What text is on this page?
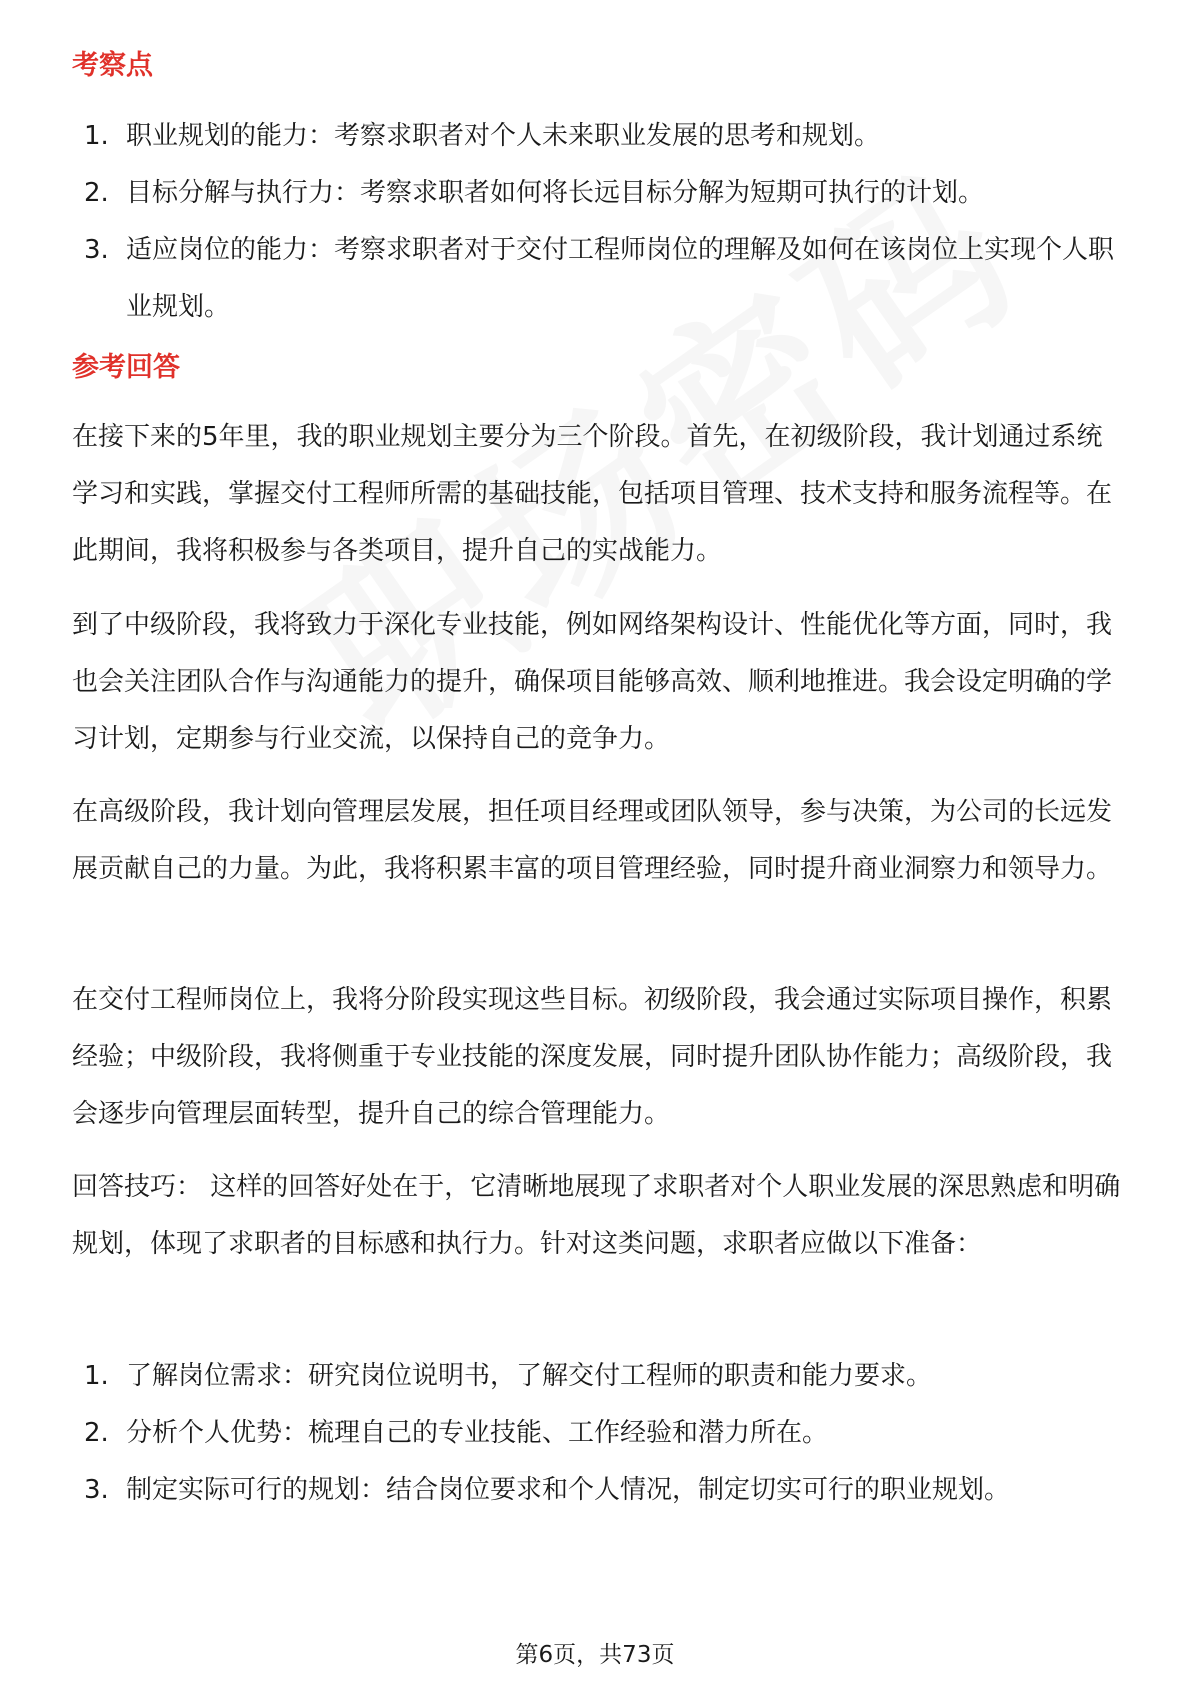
考察点
1. 职业规划的能力：考察求职者对个人未来职业发展的思考和规划。
2. 目标分解与执行力：考察求职者如何将长远目标分解为短期可执行的计划。
3. 适应岗位的能力：考察求职者对于交付工程师岗位的理解及如何在该岗位上实现个人职业规划。
参考回答

在接下来的5年里，我的职业规划主要分为三个阶段。首先，在初级阶段，我计划通过系统学习和实践，掌握交付工程师所需的基础技能，包括项目管理、技术支持和服务流程等。在此期间，我将积极参与各类项目，提升自己的实战能力。

到了中级阶段，我将致力于深化专业技能，例如网络架构设计、性能优化等方面，同时，我也会关注团队合作与沟通能力的提升，确保项目能够高效、顺利地推进。我会设定明确的学习计划，定期参与行业交流，以保持自己的竞争力。

在高级阶段，我计划向管理层发展，担任项目经理或团队领导，参与决策，为公司的长远发展贡献自己的力量。为此，我将积累丰富的项目管理经验，同时提升商业洞察力和领导力。

在交付工程师岗位上，我将分阶段实现这些目标。初级阶段，我会通过实际项目操作，积累经验；中级阶段，我将侧重于专业技能的深度发展，同时提升团队协作能力；高级阶段，我会逐步向管理层面转型，提升自己的综合管理能力。

回答技巧： 这样的回答好处在于，它清晰地展现了求职者对个人职业发展的深思熟虑和明确规划，体现了求职者的目标感和执行力。针对这类问题，求职者应做以下准备：

1. 了解岗位需求：研究岗位说明书，了解交付工程师的职责和能力要求。
2. 分析个人优势：梳理自己的专业技能、工作经验和潜力所在。
3. 制定实际可行的规划：结合岗位要求和个人情况，制定切实可行的职业规划。
第6页，共73页
